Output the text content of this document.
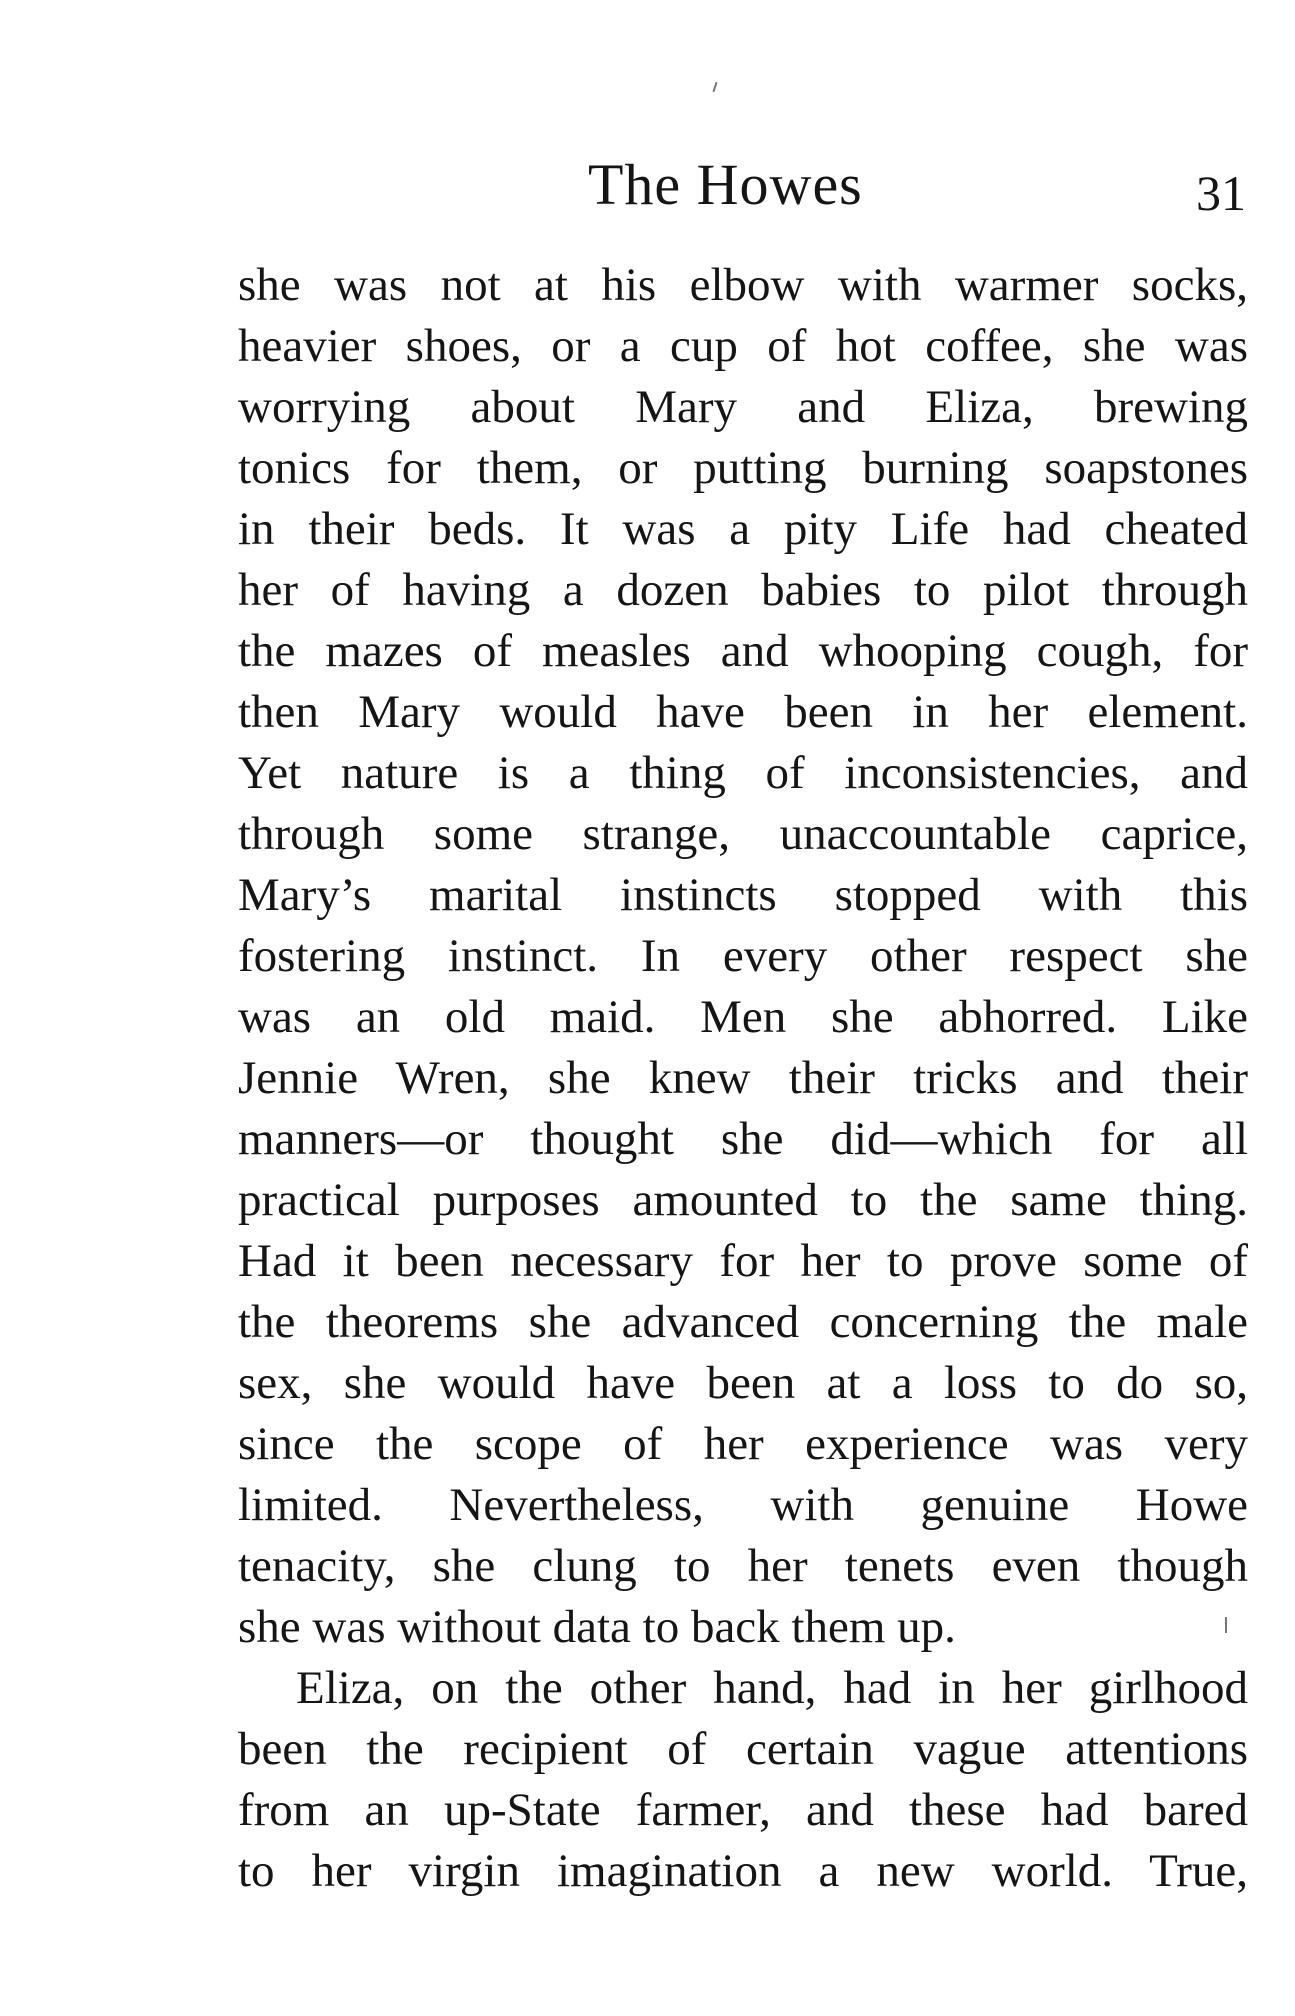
The Howes	31
she was not at his elbow with warmer socks,
heavier shoes, or a cup of hot coffee, she was
worrying about Mary and Eliza, brewing
tonics for them, or putting burning soapstones
in their beds. It was a pity Life had cheated
her of having a dozen babies to pilot through
the mazes of measles and whooping cough, for
then Mary would have been in her element.
Yet nature is a thing of inconsistencies, and
through some strange, unaccountable caprice,
Mary’s marital instincts stopped with this
fostering instinct. In every other respect she
was an old maid. Men she abhorred. Like
Jennie Wren, she knew their tricks and their
manners—or thought she did—which for all
practical purposes amounted to the same thing.
Had it been necessary for her to prove some of
the theorems she advanced concerning the male
sex, she would have been at a loss to do so,
since the scope of her experience was very
limited. Nevertheless, with genuine Howe
tenacity, she clung to her tenets even though
she was without data to back them up.
Eliza, on the other hand, had in her girlhood
been the recipient of certain vague attentions
from an up-State farmer, and these had bared
to her virgin imagination a new world. True,
